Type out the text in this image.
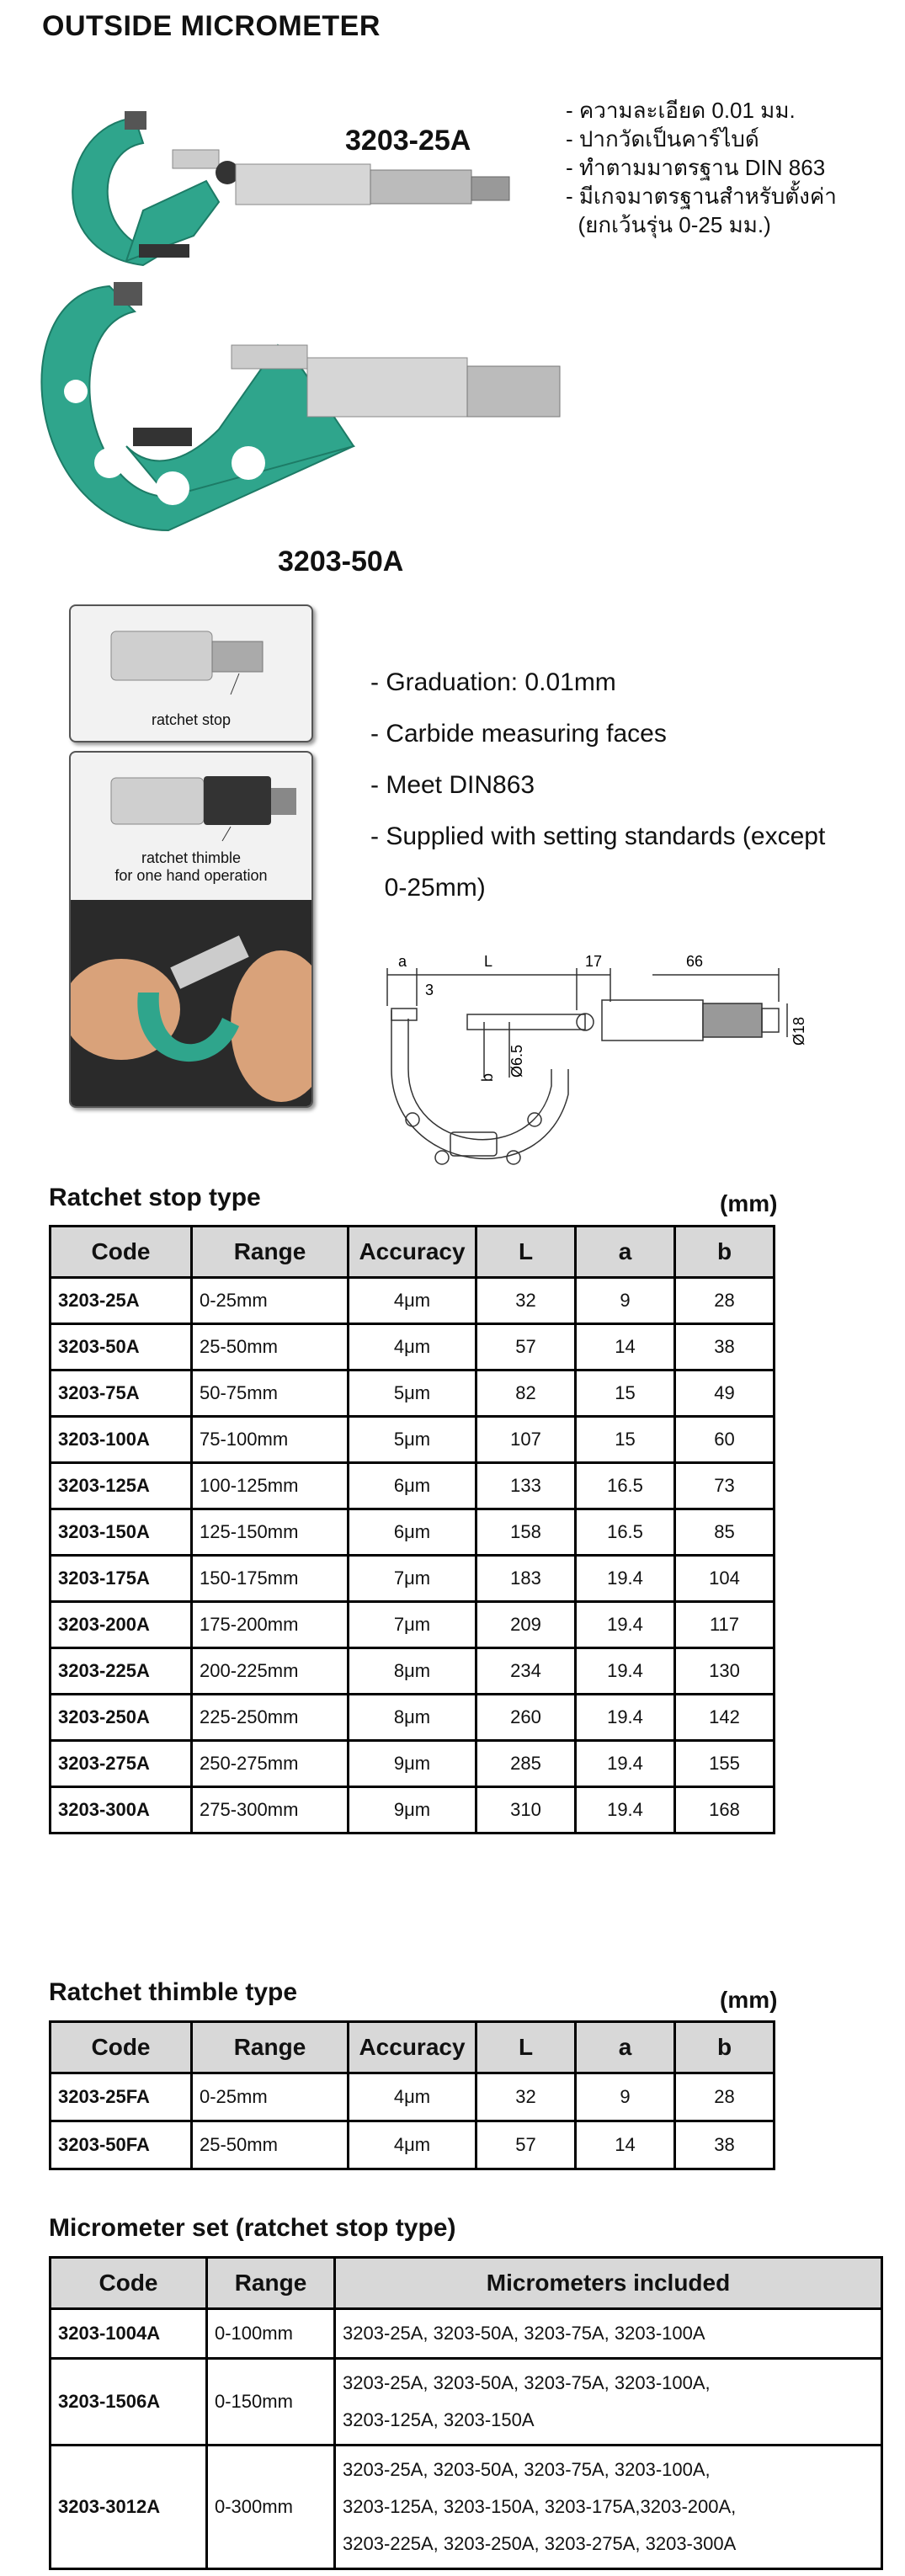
OUTSIDE MICROMETER
3203-25A
3203-50A
- ความละเอียด 0.01 มม.
- ปากวัดเป็นคาร์ไบด์
- ทำตามมาตรฐาน DIN 863
- มีเกจมาตรฐานสำหรับตั้งค่า
(ยกเว้นรุ่น 0-25 มม.)
ratchet stop
ratchet thimble
for one hand operation
- Graduation: 0.01mm
- Carbide measuring faces
- Meet DIN863
- Supplied with setting standards (except
0-25mm)
a	L	17	66
3
b Ø6.5
Ø18
Ratchet stop type	(mm)
Code	Range	Accuracy	L	a	b
3203-25A	0-25mm	4μm	32	9	28
3203-50A	25-50mm	4μm	57	14	38
3203-75A	50-75mm	5μm	82	15	49
3203-100A	75-100mm	5μm	107	15	60
3203-125A	100-125mm	6μm	133	16.5	73
3203-150A	125-150mm	6μm	158	16.5	85
3203-175A	150-175mm	7μm	183	19.4	104
3203-200A	175-200mm	7μm	209	19.4	117
3203-225A	200-225mm	8μm	234	19.4	130
3203-250A	225-250mm	8μm	260	19.4	142
3203-275A	250-275mm	9μm	285	19.4	155
3203-300A	275-300mm	9μm	310	19.4	168
Ratchet thimble type	(mm)
Code	Range	Accuracy	L	a	b
3203-25FA	0-25mm	4μm	32	9	28
3203-50FA	25-50mm	4μm	57	14	38
Micrometer set (ratchet stop type)
Code	Range	Micrometers included
3203-1004A	0-100mm	3203-25A, 3203-50A, 3203-75A, 3203-100A

3203-1506A	0-150mm	3203-25A, 3203-50A, 3203-75A, 3203-100A,
3203-125A, 3203-150A

3203-3012A	0-300mm	3203-25A, 3203-50A, 3203-75A, 3203-100A,
3203-125A, 3203-150A, 3203-175A,3203-200A,
3203-225A, 3203-250A, 3203-275A, 3203-300A
